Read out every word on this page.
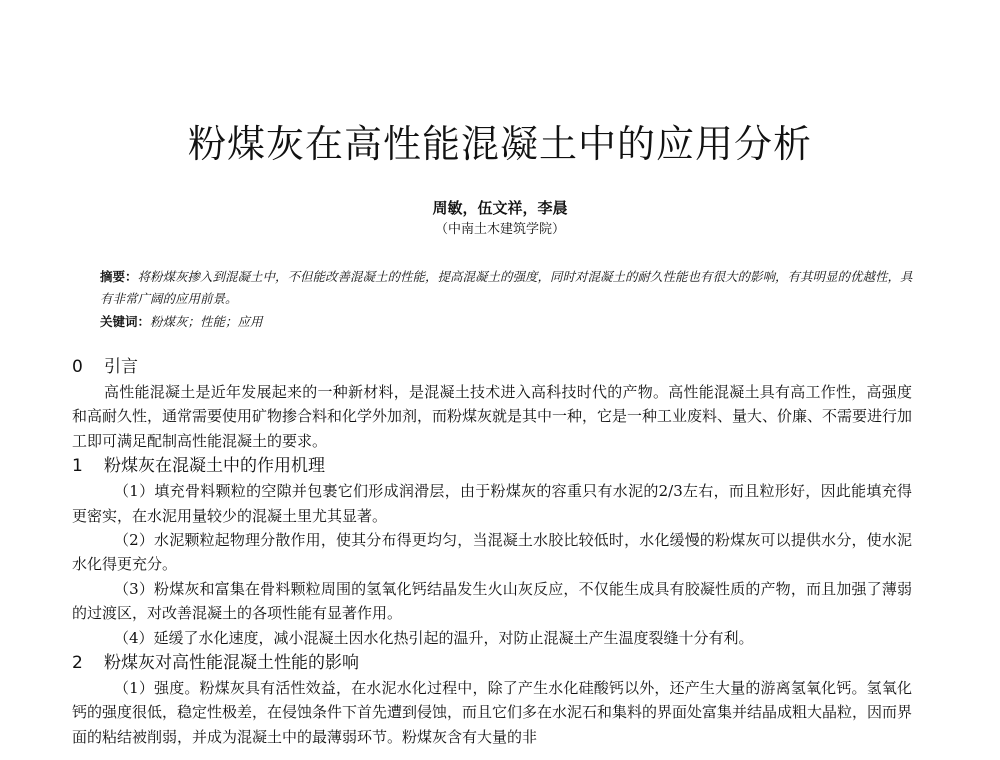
粉煤灰在高性能混凝土中的应用分析
周敏，伍文祥，李晨
（中南土木建筑学院）
摘要：将粉煤灰掺入到混凝土中，不但能改善混凝土的性能，提高混凝土的强度，同时对混凝土的耐久性能也有很大的影响，有其明显的优越性，具有非常广阔的应用前景。
关键词：粉煤灰；性能；应用
0 引言

高性能混凝土是近年发展起来的一种新材料，是混凝土技术进入高科技时代的产物。高性能混凝土具有高工作性，高强度和高耐久性，通常需要使用矿物掺合料和化学外加剂，而粉煤灰就是其中一种，它是一种工业废料、量大、价廉、不需要进行加工即可满足配制高性能混凝土的要求。

1 粉煤灰在混凝土中的作用机理

（1）填充骨料颗粒的空隙并包裹它们形成润滑层，由于粉煤灰的容重只有水泥的2/3左右，而且粒形好，因此能填充得更密实，在水泥用量较少的混凝土里尤其显著。

（2）水泥颗粒起物理分散作用，使其分布得更均匀，当混凝土水胶比较低时，水化缓慢的粉煤灰可以提供水分，使水泥水化得更充分。

（3）粉煤灰和富集在骨料颗粒周围的氢氧化钙结晶发生火山灰反应，不仅能生成具有胶凝性质的产物，而且加强了薄弱的过渡区，对改善混凝土的各项性能有显著作用。

（4）延缓了水化速度，减小混凝土因水化热引起的温升，对防止混凝土产生温度裂缝十分有利。

2 粉煤灰对高性能混凝土性能的影响

（1）强度。粉煤灰具有活性效益，在水泥水化过程中，除了产生水化硅酸钙以外，还产生大量的游离氢氧化钙。氢氧化钙的强度很低，稳定性极差，在侵蚀条件下首先遭到侵蚀，而且它们多在水泥石和集料的界面处富集并结晶成粗大晶粒，因而界面的粘结被削弱，并成为混凝土中的最薄弱环节。粉煤灰含有大量的非
